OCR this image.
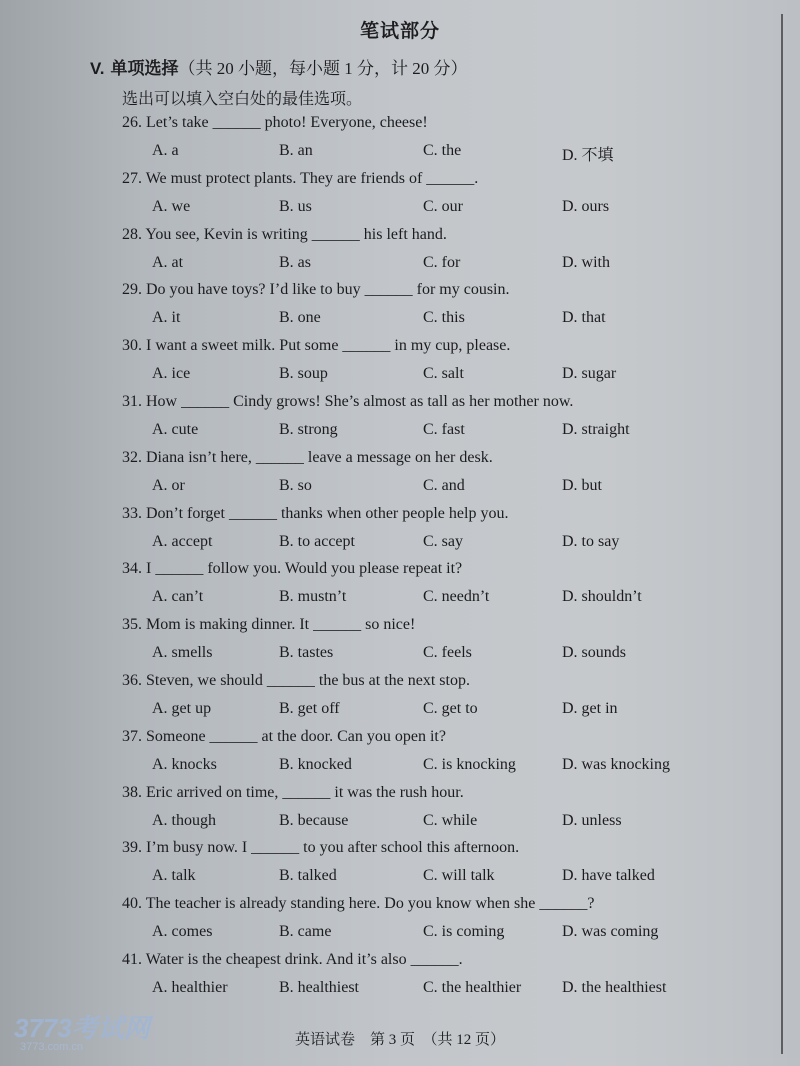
笔试部分
V. 单项选择（共 20 小题，每小题 1 分，计 20 分）
选出可以填入空白处的最佳选项。
26. Let’s take ______ photo! Everyone, cheese!
A. a	B. an	C. the	D. 不填
27. We must protect plants. They are friends of ______.
A. we	B. us	C. our	D. ours
28. You see, Kevin is writing ______ his left hand.
A. at	B. as	C. for	D. with
29. Do you have toys? I’d like to buy ______ for my cousin.
A. it	B. one	C. this	D. that
30. I want a sweet milk. Put some ______ in my cup, please.
A. ice	B. soup	C. salt	D. sugar
31. How ______ Cindy grows! She’s almost as tall as her mother now.
A. cute	B. strong	C. fast	D. straight
32. Diana isn’t here, ______ leave a message on her desk.
A. or	B. so	C. and	D. but
33. Don’t forget ______ thanks when other people help you.
A. accept	B. to accept	C. say	D. to say
34. I ______ follow you. Would you please repeat it?
A. can’t	B. mustn’t	C. needn’t	D. shouldn’t
35. Mom is making dinner. It ______ so nice!
A. smells	B. tastes	C. feels	D. sounds
36. Steven, we should ______ the bus at the next stop.
A. get up	B. get off	C. get to	D. get in
37. Someone ______ at the door. Can you open it?
A. knocks	B. knocked	C. is knocking	D. was knocking
38. Eric arrived on time, ______ it was the rush hour.
A. though	B. because	C. while	D. unless
39. I’m busy now. I ______ to you after school this afternoon.
A. talk	B. talked	C. will talk	D. have talked
40. The teacher is already standing here. Do you know when she ______?
A. comes	B. came	C. is coming	D. was coming
41. Water is the cheapest drink. And it’s also ______.
A. healthier	B. healthiest	C. the healthier	D. the healthiest
英语试卷　第 3 页　（共 12 页）
3773考试网
3773.com.cn
